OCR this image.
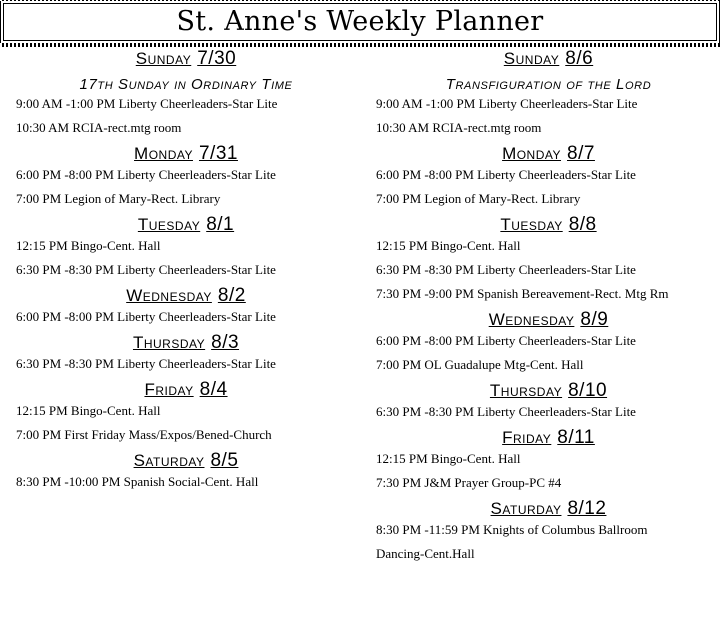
St. Anne's Weekly Planner
Sunday 7/30
17th Sunday in Ordinary Time
9:00 AM -1:00 PM Liberty Cheerleaders-Star Lite
10:30 AM RCIA-rect.mtg room
Monday 7/31
6:00 PM -8:00 PM Liberty Cheerleaders-Star Lite
7:00 PM Legion of Mary-Rect. Library
Tuesday 8/1
12:15 PM Bingo-Cent. Hall
6:30 PM -8:30 PM Liberty Cheerleaders-Star Lite
Wednesday 8/2
6:00 PM -8:00 PM Liberty Cheerleaders-Star Lite
Thursday 8/3
6:30 PM -8:30 PM Liberty Cheerleaders-Star Lite
Friday 8/4
12:15 PM Bingo-Cent. Hall
7:00 PM First Friday Mass/Expos/Bened-Church
Saturday 8/5
8:30 PM -10:00 PM Spanish Social-Cent. Hall
Sunday 8/6
Transfiguration of the Lord
9:00 AM -1:00 PM Liberty Cheerleaders-Star Lite
10:30 AM RCIA-rect.mtg room
Monday 8/7
6:00 PM -8:00 PM Liberty Cheerleaders-Star Lite
7:00 PM Legion of Mary-Rect. Library
Tuesday 8/8
12:15 PM Bingo-Cent. Hall
6:30 PM -8:30 PM Liberty Cheerleaders-Star Lite
7:30 PM -9:00 PM Spanish Bereavement-Rect. Mtg Rm
Wednesday 8/9
6:00 PM -8:00 PM Liberty Cheerleaders-Star Lite
7:00 PM OL Guadalupe Mtg-Cent. Hall
Thursday 8/10
6:30 PM -8:30 PM Liberty Cheerleaders-Star Lite
Friday 8/11
12:15 PM Bingo-Cent. Hall
7:30 PM J&M Prayer Group-PC #4
Saturday 8/12
8:30 PM -11:59 PM Knights of Columbus Ballroom
Dancing-Cent.Hall
